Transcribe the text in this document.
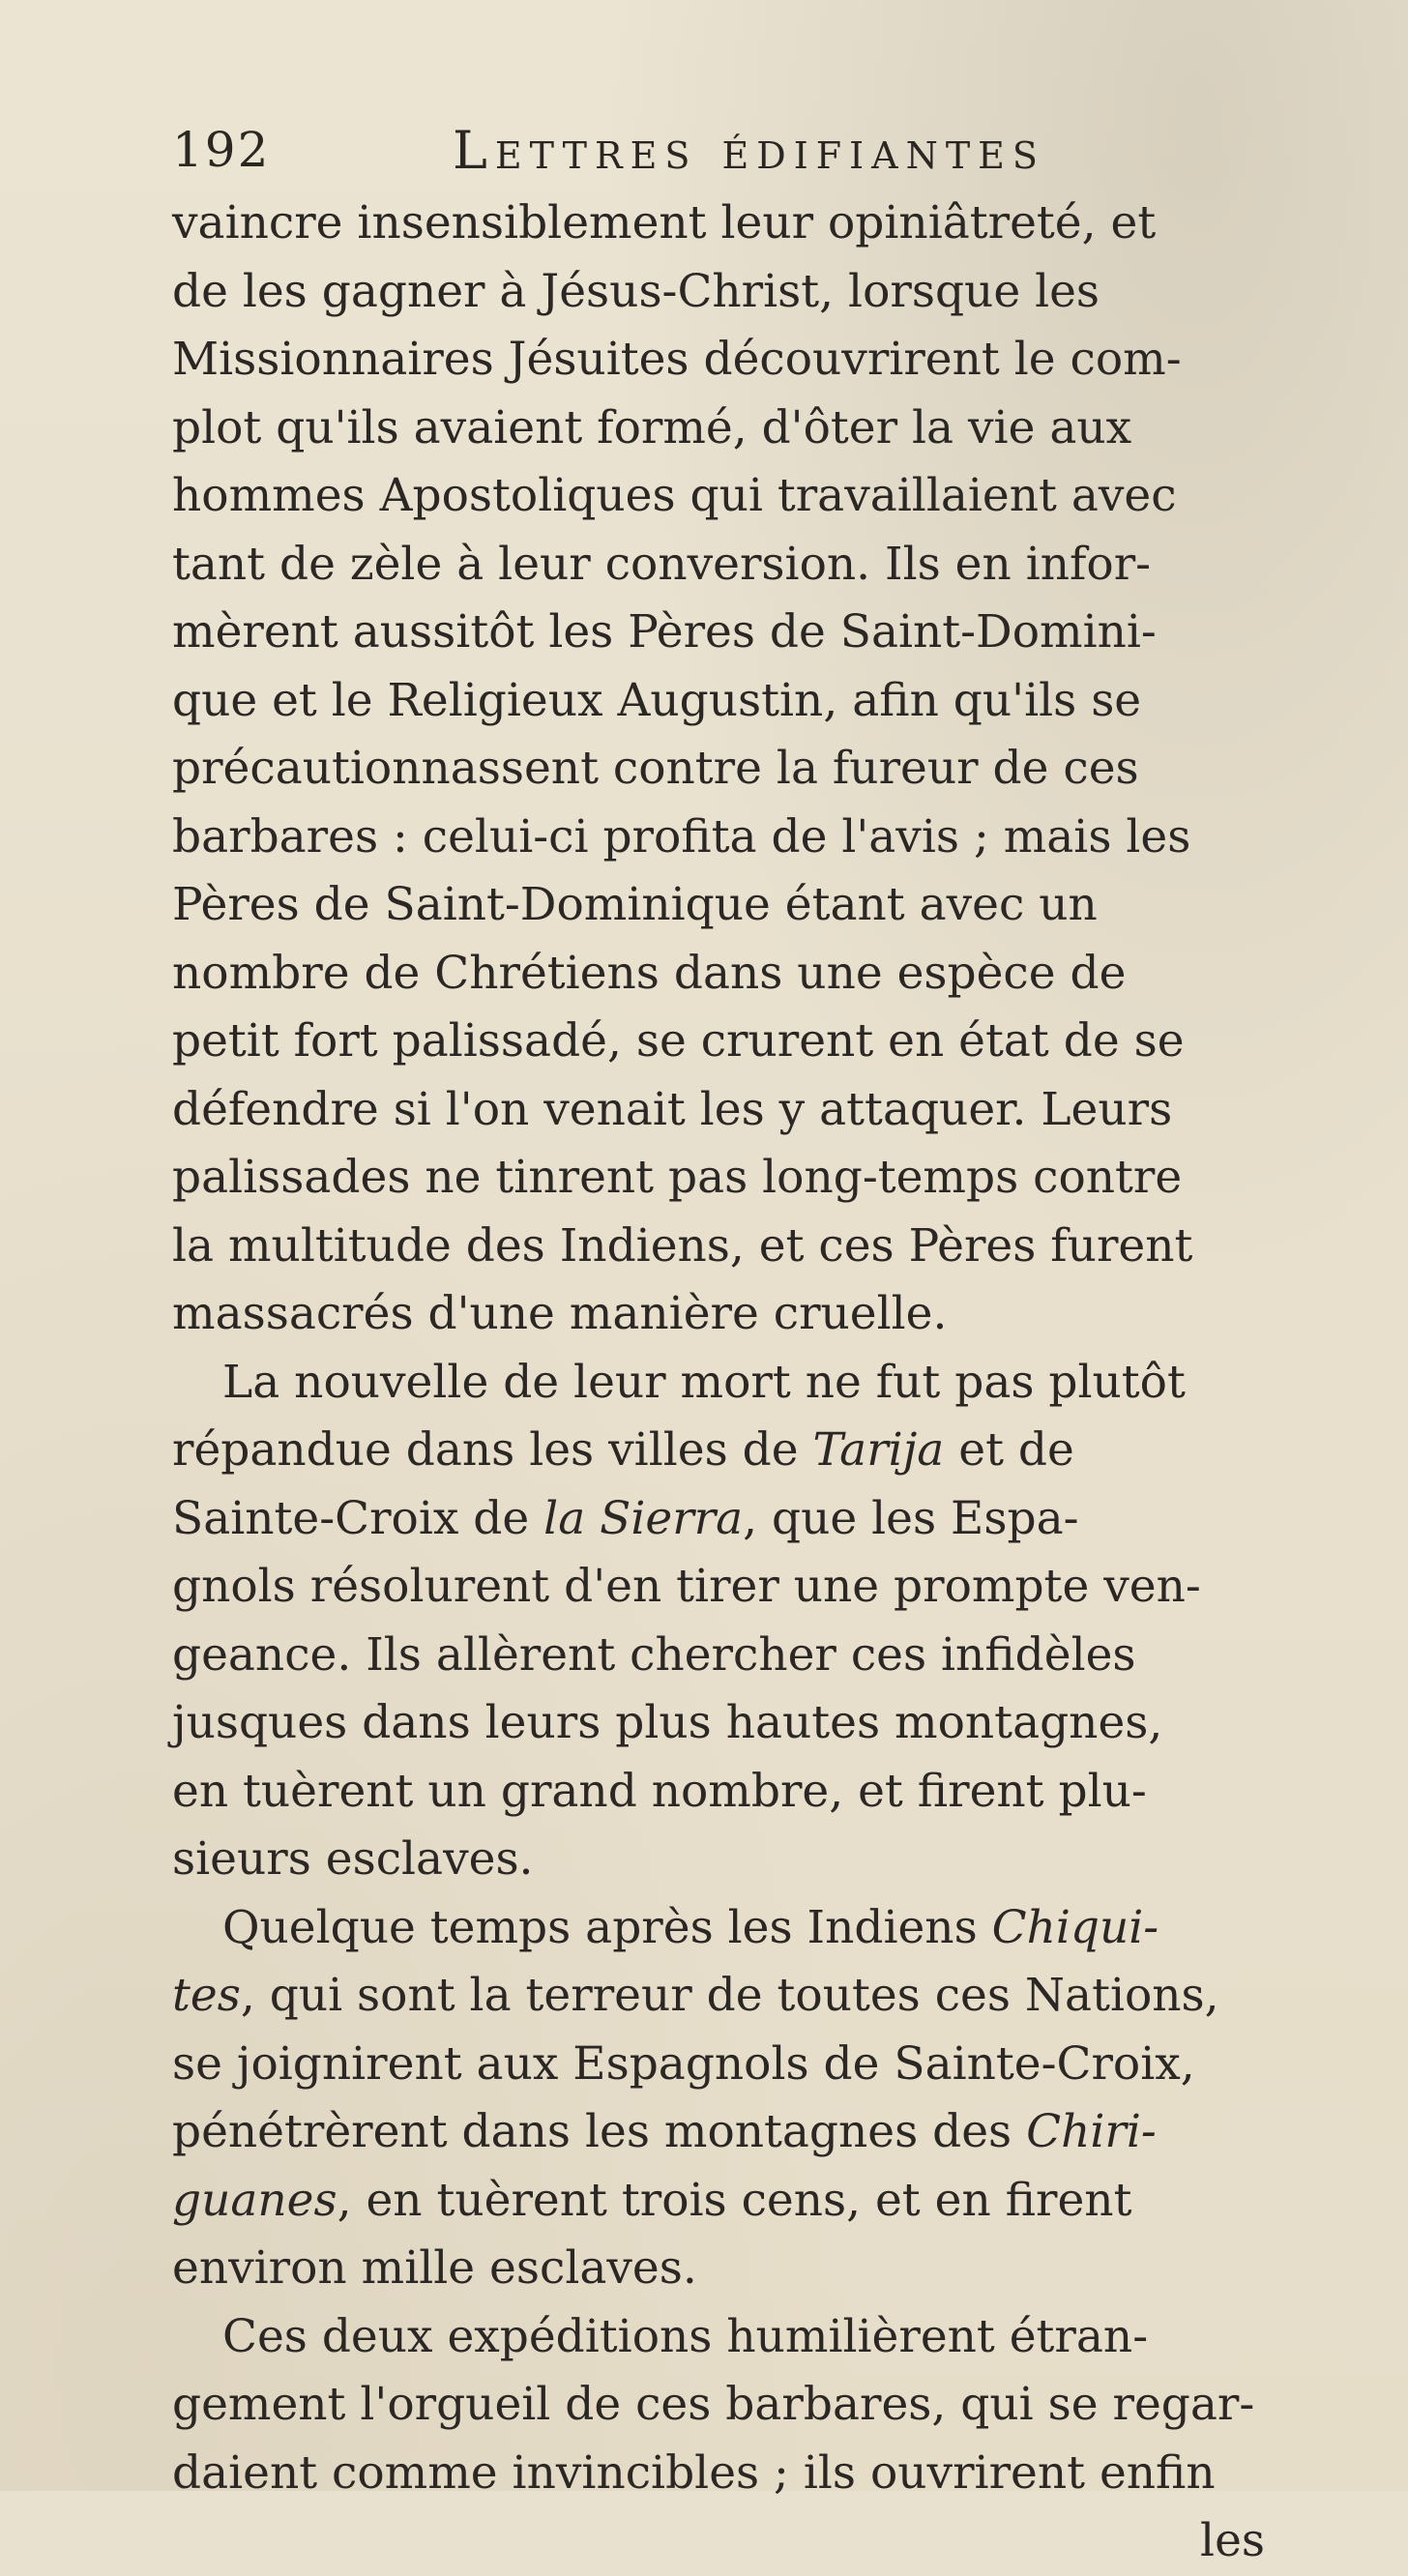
192	Lettres édifiantes
vaincre insensiblement leur opiniâtreté, et
de les gagner à Jésus-Christ, lorsque les
Missionnaires Jésuites découvrirent le com-
plot qu'ils avaient formé, d'ôter la vie aux
hommes Apostoliques qui travaillaient avec
tant de zèle à leur conversion. Ils en infor-
mèrent aussitôt les Pères de Saint-Domini-
que et le Religieux Augustin, afin qu'ils se
précautionnassent contre la fureur de ces
barbares : celui-ci profita de l'avis ; mais les
Pères de Saint-Dominique étant avec un
nombre de Chrétiens dans une espèce de
petit fort palissadé, se crurent en état de se
défendre si l'on venait les y attaquer. Leurs
palissades ne tinrent pas long-temps contre
la multitude des Indiens, et ces Pères furent
massacrés d'une manière cruelle.
La nouvelle de leur mort ne fut pas plutôt
répandue dans les villes de Tarija et de
Sainte-Croix de la Sierra, que les Espa-
gnols résolurent d'en tirer une prompte ven-
geance. Ils allèrent chercher ces infidèles
jusques dans leurs plus hautes montagnes,
en tuèrent un grand nombre, et firent plu-
sieurs esclaves.
Quelque temps après les Indiens Chiqui-
tes, qui sont la terreur de toutes ces Nations,
se joignirent aux Espagnols de Sainte-Croix,
pénétrèrent dans les montagnes des Chiri-
guanes, en tuèrent trois cens, et en firent
environ mille esclaves.
Ces deux expéditions humilièrent étran-
gement l'orgueil de ces barbares, qui se regar-
daient comme invincibles ; ils ouvrirent enfin
les
